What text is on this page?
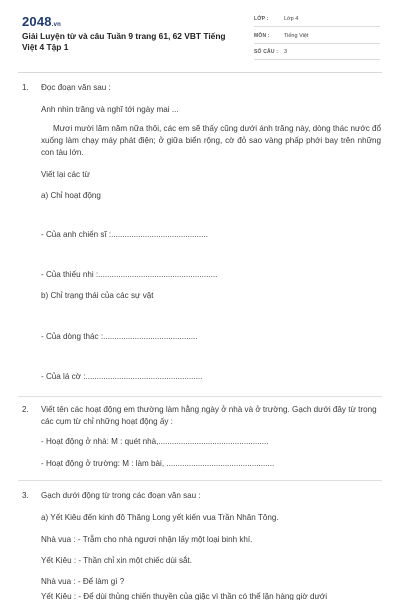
2048.vn
Giải Luyện từ và câu Tuần 9 trang 61, 62 VBT Tiếng Việt 4 Tập 1
LỚP :	Lớp 4
MÔN :	Tiếng Việt
SỐ CÂU : 3
1. Đọc đoạn văn sau :
Anh nhìn trăng và nghĩ tới ngày mai ...
Mươi mười lăm năm nữa thôi, các em sẽ thấy cũng dưới ánh trăng này, dòng thác nước đổ xuống làm chạy máy phát điện; ở giữa biển rộng, cờ đỏ sao vàng phấp phới bay trên những con tàu lớn.
Viết lại các từ
a) Chỉ hoạt động
- Của anh chiến sĩ :...........................................
- Của thiếu nhi :.....................................................
b) Chỉ trạng thái của các sự vật
- Của dòng thác :..........................................
- Của lá cờ :....................................................
2. Viết tên các hoạt động em thường làm hằng ngày ở nhà và ở trường. Gạch dưới đây từ trong các cụm từ chỉ những hoạt động ấy :
- Hoạt động ở nhà: M : quét nhà,.................................................
- Hoạt động ở trường: M : làm bài, ................................................
3. Gạch dưới động từ trong các đoạn văn sau :
a) Yết Kiêu đến kinh đô Thăng Long yết kiến vua Trần Nhân Tông.
Nhà vua : - Trẫm cho nhà ngươi nhận lấy một loại binh khí.
Yết Kiêu : - Thần chỉ xin một chiếc dùi sắt.
Nhà vua : - Để làm gì ?
Yết Kiêu : - Để dùi thủng chiến thuyền của giặc vì thần có thể lặn hàng giờ dưới
